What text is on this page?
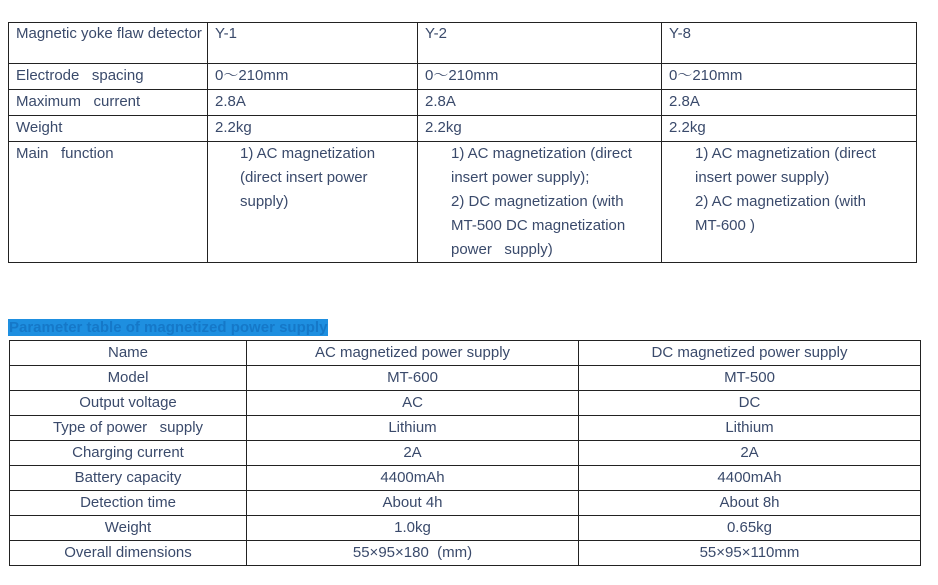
Magnetic yoke flaw detector	Y-1	Y-2	Y-8
Electrode   spacing	0～210mm	0～210mm	0～210mm
Maximum   current	2.8A	2.8A	2.8A
Weight	2.2kg	2.2kg	2.2kg
Main   function	1) AC magnetization
(direct insert power
supply)	1) AC magnetization (direct
insert power supply);
2) DC magnetization (with
MT-500 DC magnetization
power   supply)	1) AC magnetization (direct
insert power supply)
2) AC magnetization (with
MT-600 )
Parameter table of magnetized power supply
Name	AC magnetized power supply	DC magnetized power supply
Model	MT-600	MT-500
Output voltage	AC	DC
Type of power   supply	Lithium	Lithium
Charging current	2A	2A
Battery capacity	4400mAh	4400mAh
Detection time	About 4h	About 8h
Weight	1.0kg	0.65kg
Overall dimensions	55×95×180  (mm)	55×95×110mm
